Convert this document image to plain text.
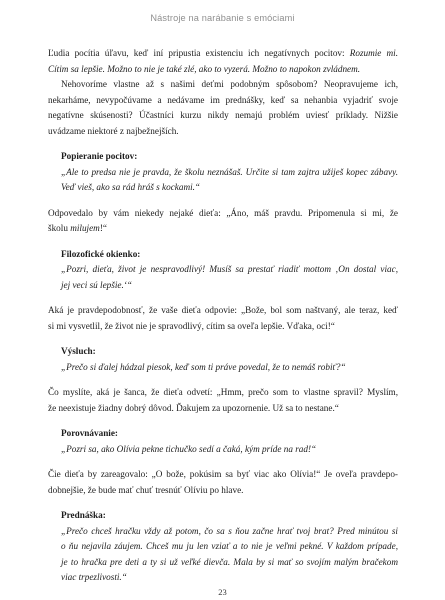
Nástroje na narábanie s emóciami
Ľudia pocítia úľavu, keď iní pripustia existenciu ich negatívnych pocitov: Rozumie mi.
Cítim sa lepšie. Možno to nie je také zlé, ako to vyzerá. Možno to napokon zvládnem.
Nehovoríme vlastne až s našimi deťmi podobným spôsobom? Neopravujeme ich,
nekarháme, nevypočúvame a nedávame im prednášky, keď sa nehanbia vyjadriť svoje
negatívne skúsenosti? Účastníci kurzu nikdy nemajú problém uviesť príklady. Nižšie
uvádzame niektoré z najbežnejších.
Popieranie pocitov:
„Ale to predsa nie je pravda, že školu neznášaš. Určite si tam zajtra užiješ kopec zábavy.
Veď vieš, ako sa rád hráš s kockami.“
Odpovedalo by vám niekedy nejaké dieťa: „Áno, máš pravdu. Pripomenula si mi, že
školu milujem!“
Filozofické okienko:
„Pozri, dieťa, život je nespravodlivý! Musíš sa prestať riadiť mottom ‚On dostal viac,
jej veci sú lepšie.‘“
Aká je pravdepodobnosť, že vaše dieťa odpovie: „Bože, bol som naštvaný, ale teraz, keď
si mi vysvetlil, že život nie je spravodlivý, cítim sa oveľa lepšie. Vďaka, oci!“
Výsluch:
„Prečo si ďalej hádzal piesok, keď som ti práve povedal, že to nemáš robiť?“
Čo myslíte, aká je šanca, že dieťa odvetí: „Hmm, prečo som to vlastne spravil? Myslím,
že neexistuje žiadny dobrý dôvod. Ďakujem za upozornenie. Už sa to nestane.“
Porovnávanie:
„Pozri sa, ako Olívia pekne tichučko sedí a čaká, kým príde na rad!“
Čie dieťa by zareagovalo: „O bože, pokúsim sa byť viac ako Olívia!“ Je oveľa pravdepo-
dobnejšie, že bude mať chuť tresnúť Olíviu po hlave.
Prednáška:
„Prečo chceš hračku vždy až potom, čo sa s ňou začne hrať tvoj brat? Pred minútou si
o ňu nejavila záujem. Chceš mu ju len vziať a to nie je veľmi pekné. V každom prípade,
je to hračka pre deti a ty si už veľké dievča. Mala by si mať so svojím malým bračekom
viac trpezlivosti.“
23
